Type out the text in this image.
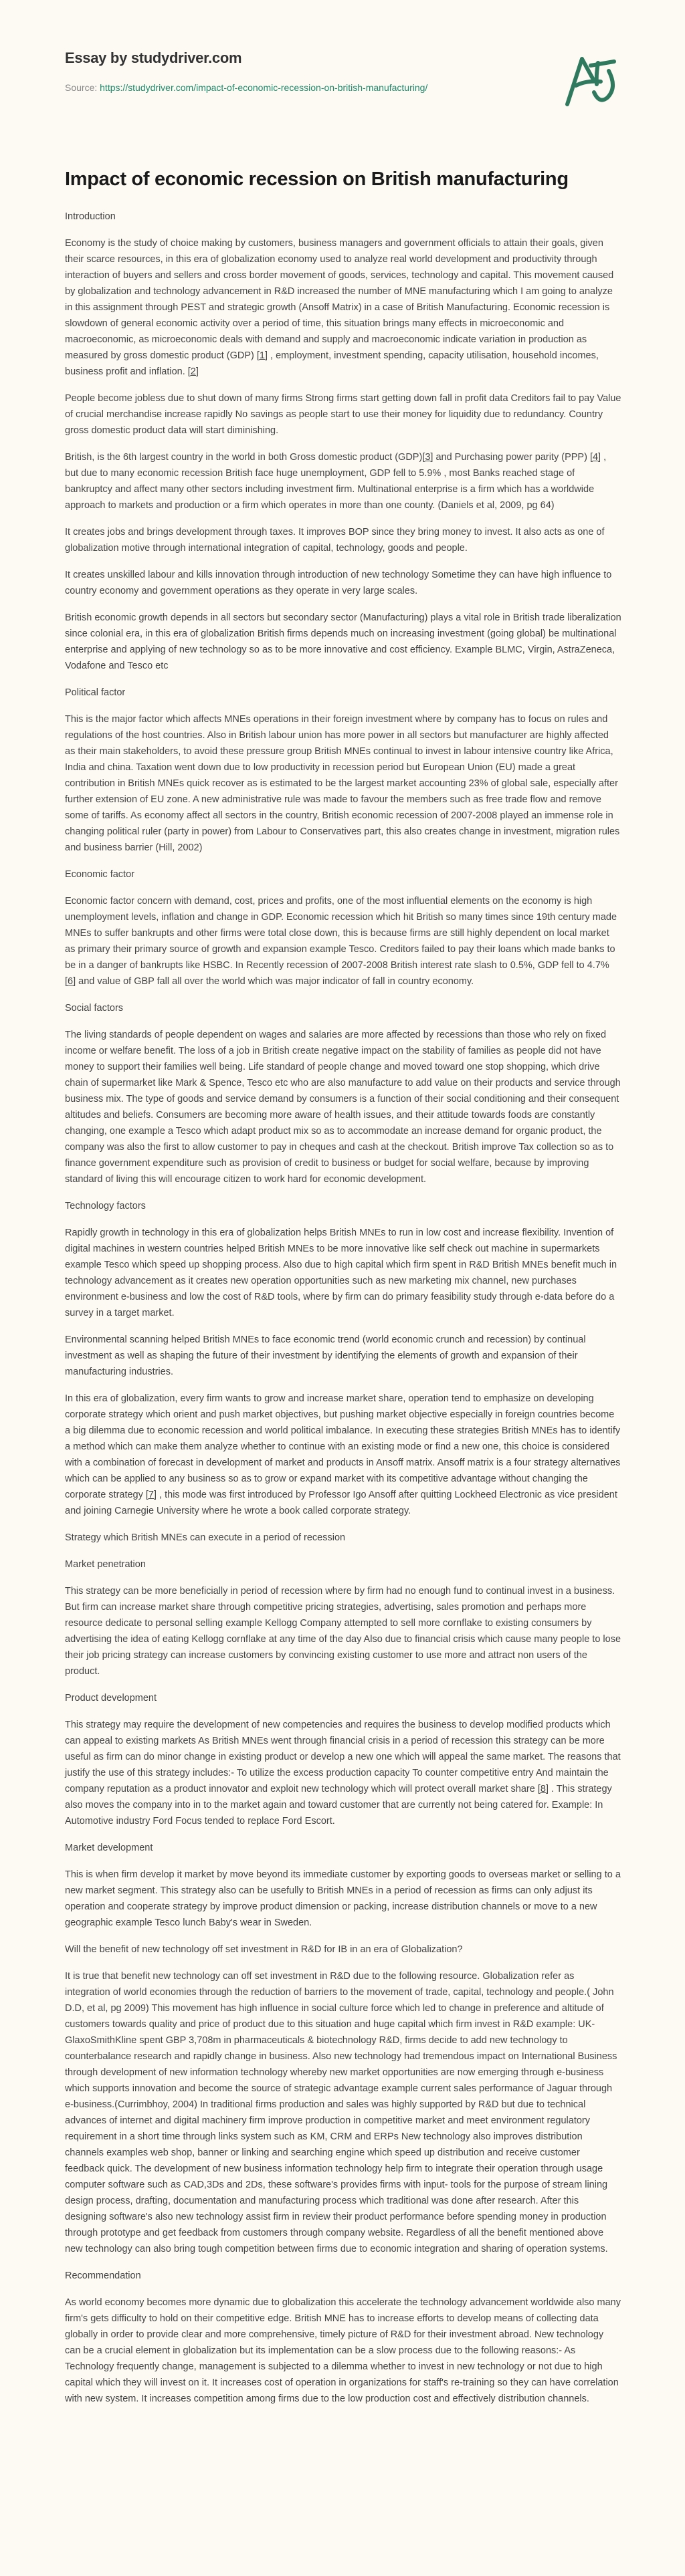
Essay by studydriver.com
Source: https://studydriver.com/impact-of-economic-recession-on-british-manufacturing/
Impact of economic recession on British manufacturing
Introduction

Economy is the study of choice making by customers, business managers and government officials to attain their goals, given their scarce resources, in this era of globalization economy used to analyze real world development and productivity through interaction of buyers and sellers and cross border movement of goods, services, technology and capital. This movement caused by globalization and technology advancement in R&D increased the number of MNE manufacturing which I am going to analyze in this assignment through PEST and strategic growth (Ansoff Matrix) in a case of British Manufacturing. Economic recession is slowdown of general economic activity over a period of time, this situation brings many effects in microeconomic and macroeconomic, as microeconomic deals with demand and supply and macroeconomic indicate variation in production as measured by gross domestic product (GDP) [1] , employment, investment spending, capacity utilisation, household incomes, business profit and inflation. [2]

People become jobless due to shut down of many firms Strong firms start getting down fall in profit data Creditors fail to pay Value of crucial merchandise increase rapidly No savings as people start to use their money for liquidity due to redundancy. Country gross domestic product data will start diminishing.

British, is the 6th largest country in the world in both Gross domestic product (GDP)[3] and Purchasing power parity (PPP) [4] , but due to many economic recession British face huge unemployment, GDP fell to 5.9% , most Banks reached stage of bankruptcy and affect many other sectors including investment firm. Multinational enterprise is a firm which has a worldwide approach to markets and production or a firm which operates in more than one county. (Daniels et al, 2009, pg 64)

It creates jobs and brings development through taxes. It improves BOP since they bring money to invest. It also acts as one of globalization motive through international integration of capital, technology, goods and people.

It creates unskilled labour and kills innovation through introduction of new technology Sometime they can have high influence to country economy and government operations as they operate in very large scales.

British economic growth depends in all sectors but secondary sector (Manufacturing) plays a vital role in British trade liberalization since colonial era, in this era of globalization British firms depends much on increasing investment (going global) be multinational enterprise and applying of new technology so as to be more innovative and cost efficiency. Example BLMC, Virgin, AstraZeneca, Vodafone and Tesco etc

Political factor

This is the major factor which affects MNEs operations in their foreign investment where by company has to focus on rules and regulations of the host countries. Also in British labour union has more power in all sectors but manufacturer are highly affected as their main stakeholders, to avoid these pressure group British MNEs continual to invest in labour intensive country like Africa, India and china. Taxation went down due to low productivity in recession period but European Union (EU) made a great contribution in British MNEs quick recover as is estimated to be the largest market accounting 23% of global sale, especially after further extension of EU zone. A new administrative rule was made to favour the members such as free trade flow and remove some of tariffs. As economy affect all sectors in the country, British economic recession of 2007-2008 played an immense role in changing political ruler (party in power) from Labour to Conservatives part, this also creates change in investment, migration rules and business barrier (Hill, 2002)

Economic factor

Economic factor concern with demand, cost, prices and profits, one of the most influential elements on the economy is high unemployment levels, inflation and change in GDP. Economic recession which hit British so many times since 19th century made MNEs to suffer bankrupts and other firms were total close down, this is because firms are still highly dependent on local market as primary their primary source of growth and expansion example Tesco. Creditors failed to pay their loans which made banks to be in a danger of bankrupts like HSBC. In Recently recession of 2007-2008 British interest rate slash to 0.5%, GDP fell to 4.7% [6] and value of GBP fall all over the world which was major indicator of fall in country economy.

Social factors

The living standards of people dependent on wages and salaries are more affected by recessions than those who rely on fixed income or welfare benefit. The loss of a job in British create negative impact on the stability of families as people did not have money to support their families well being. Life standard of people change and moved toward one stop shopping, which drive chain of supermarket like Mark & Spence, Tesco etc who are also manufacture to add value on their products and service through business mix. The type of goods and service demand by consumers is a function of their social conditioning and their consequent altitudes and beliefs. Consumers are becoming more aware of health issues, and their attitude towards foods are constantly changing, one example a Tesco which adapt product mix so as to accommodate an increase demand for organic product, the company was also the first to allow customer to pay in cheques and cash at the checkout. British improve Tax collection so as to finance government expenditure such as provision of credit to business or budget for social welfare, because by improving standard of living this will encourage citizen to work hard for economic development.

Technology factors

Rapidly growth in technology in this era of globalization helps British MNEs to run in low cost and increase flexibility. Invention of digital machines in western countries helped British MNEs to be more innovative like self check out machine in supermarkets example Tesco which speed up shopping process. Also due to high capital which firm spent in R&D British MNEs benefit much in technology advancement as it creates new operation opportunities such as new marketing mix channel, new purchases environment e-business and low the cost of R&D tools, where by firm can do primary feasibility study through e-data before do a survey in a target market.

Environmental scanning helped British MNEs to face economic trend (world economic crunch and recession) by continual investment as well as shaping the future of their investment by identifying the elements of growth and expansion of their manufacturing industries.

In this era of globalization, every firm wants to grow and increase market share, operation tend to emphasize on developing corporate strategy which orient and push market objectives, but pushing market objective especially in foreign countries become a big dilemma due to economic recession and world political imbalance. In executing these strategies British MNEs has to identify a method which can make them analyze whether to continue with an existing mode or find a new one, this choice is considered with a combination of forecast in development of market and products in Ansoff matrix. Ansoff matrix is a four strategy alternatives which can be applied to any business so as to grow or expand market with its competitive advantage without changing the corporate strategy [7] , this mode was first introduced by Professor Igo Ansoff after quitting Lockheed Electronic as vice president and joining Carnegie University where he wrote a book called corporate strategy.

Strategy which British MNEs can execute in a period of recession
Market penetration

This strategy can be more beneficially in period of recession where by firm had no enough fund to continual invest in a business. But firm can increase market share through competitive pricing strategies, advertising, sales promotion and perhaps more resource dedicate to personal selling example Kellogg Company attempted to sell more cornflake to existing consumers by advertising the idea of eating Kellogg cornflake at any time of the day Also due to financial crisis which cause many people to lose their job pricing strategy can increase customers by convincing existing customer to use more and attract non users of the product.

Product development

This strategy may require the development of new competencies and requires the business to develop modified products which can appeal to existing markets As British MNEs went through financial crisis in a period of recession this strategy can be more useful as firm can do minor change in existing product or develop a new one which will appeal the same market. The reasons that justify the use of this strategy includes:- To utilize the excess production capacity To counter competitive entry And maintain the company reputation as a product innovator and exploit new technology which will protect overall market share [8] . This strategy also moves the company into in to the market again and toward customer that are currently not being catered for. Example: In Automotive industry Ford Focus tended to replace Ford Escort.

Market development

This is when firm develop it market by move beyond its immediate customer by exporting goods to overseas market or selling to a new market segment. This strategy also can be usefully to British MNEs in a period of recession as firms can only adjust its operation and cooperate strategy by improve product dimension or packing, increase distribution channels or move to a new geographic example Tesco lunch Baby's wear in Sweden.

Will the benefit of new technology off set investment in R&D for IB in an era of Globalization?

It is true that benefit new technology can off set investment in R&D due to the following resource. Globalization refer as integration of world economies through the reduction of barriers to the movement of trade, capital, technology and people.( John D.D, et al, pg 2009) This movement has high influence in social culture force which led to change in preference and altitude of customers towards quality and price of product due to this situation and huge capital which firm invest in R&D example: UK-GlaxoSmithKline spent GBP 3,708m in pharmaceuticals & biotechnology R&D, firms decide to add new technology to counterbalance research and rapidly change in business. Also new technology had tremendous impact on International Business through development of new information technology whereby new market opportunities are now emerging through e-business which supports innovation and become the source of strategic advantage example current sales performance of Jaguar through e-business.(Currimbhoy, 2004) In traditional firms production and sales was highly supported by R&D but due to technical advances of internet and digital machinery firm improve production in competitive market and meet environment regulatory requirement in a short time through links system such as KM, CRM and ERPs New technology also improves distribution channels examples web shop, banner or linking and searching engine which speed up distribution and receive customer feedback quick. The development of new business information technology help firm to integrate their operation through usage computer software such as CAD,3Ds and 2Ds, these software's provides firms with input- tools for the purpose of stream lining design process, drafting, documentation and manufacturing process which traditional was done after research. After this designing software's also new technology assist firm in review their product performance before spending money in production through prototype and get feedback from customers through company website. Regardless of all the benefit mentioned above new technology can also bring tough competition between firms due to economic integration and sharing of operation systems.

Recommendation

As world economy becomes more dynamic due to globalization this accelerate the technology advancement worldwide also many firm's gets difficulty to hold on their competitive edge. British MNE has to increase efforts to develop means of collecting data globally in order to provide clear and more comprehensive, timely picture of R&D for their investment abroad. New technology can be a crucial element in globalization but its implementation can be a slow process due to the following reasons:- As Technology frequently change, management is subjected to a dilemma whether to invest in new technology or not due to high capital which they will invest on it. It increases cost of operation in organizations for staff's re-training so they can have correlation with new system. It increases competition among firms due to the low production cost and effectively distribution channels.
